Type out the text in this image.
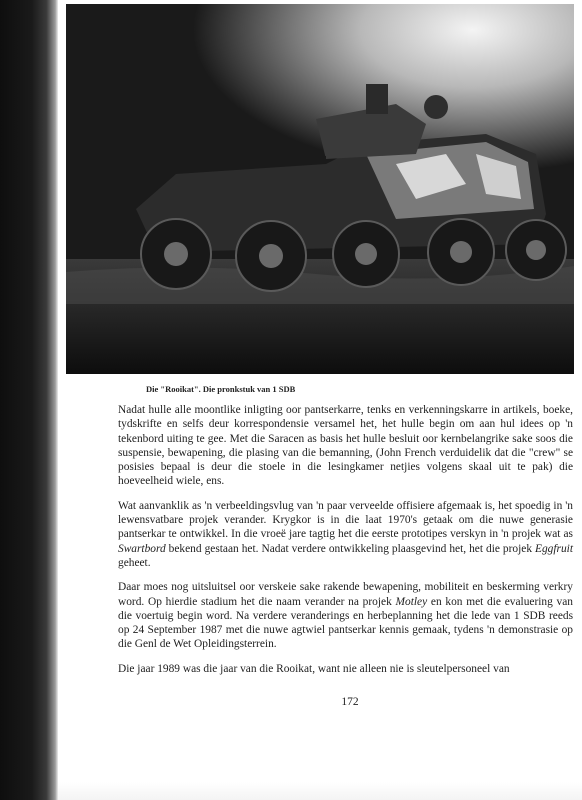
Die "Rooikat". Die pronkstuk van 1 SDB

Nadat hulle alle moontlike inligting oor pantserkarre, tenks en verkenningskarre in artikels, boeke, tydskrifte en selfs deur korrespondensie versamel het, het hulle begin om aan hul idees op 'n tekenbord uiting te gee. Met die Saracen as basis het hulle besluit oor kernbelangrike sake soos die suspensie, bewapening, die plasing van die bemanning, (John French verduidelik dat die "crew" se posisies bepaal is deur die stoele in die lesingkamer netjies volgens skaal uit te pak) die hoeveelheid wiele, ens.

Wat aanvanklik as 'n verbeeldingsvlug van 'n paar verveelde offisiere afgemaak is, het spoedig in 'n lewensvatbare projek verander. Krygkor is in die laat 1970's getaak om die nuwe generasie pantserkar te ontwikkel. In die vroeë jare tagtig het die eerste prototipes verskyn in 'n projek wat as Swartbord bekend gestaan het. Nadat verdere ontwikkeling plaasgevind het, het die projek Eggfruit geheet.

Daar moes nog uitsluitsel oor verskeie sake rakende bewapening, mobiliteit en beskerming verkry word. Op hierdie stadium het die naam verander na projek Motley en kon met die evaluering van die voertuig begin word. Na verdere veranderings en herbeplanning het die lede van 1 SDB reeds op 24 September 1987 met die nuwe agtwiel pantserkar kennis gemaak, tydens 'n demonstrasie op die Genl de Wet Opleidingsterrein.

Die jaar 1989 was die jaar van die Rooikat, want nie alleen nie is sleutelpersoneel van

172
